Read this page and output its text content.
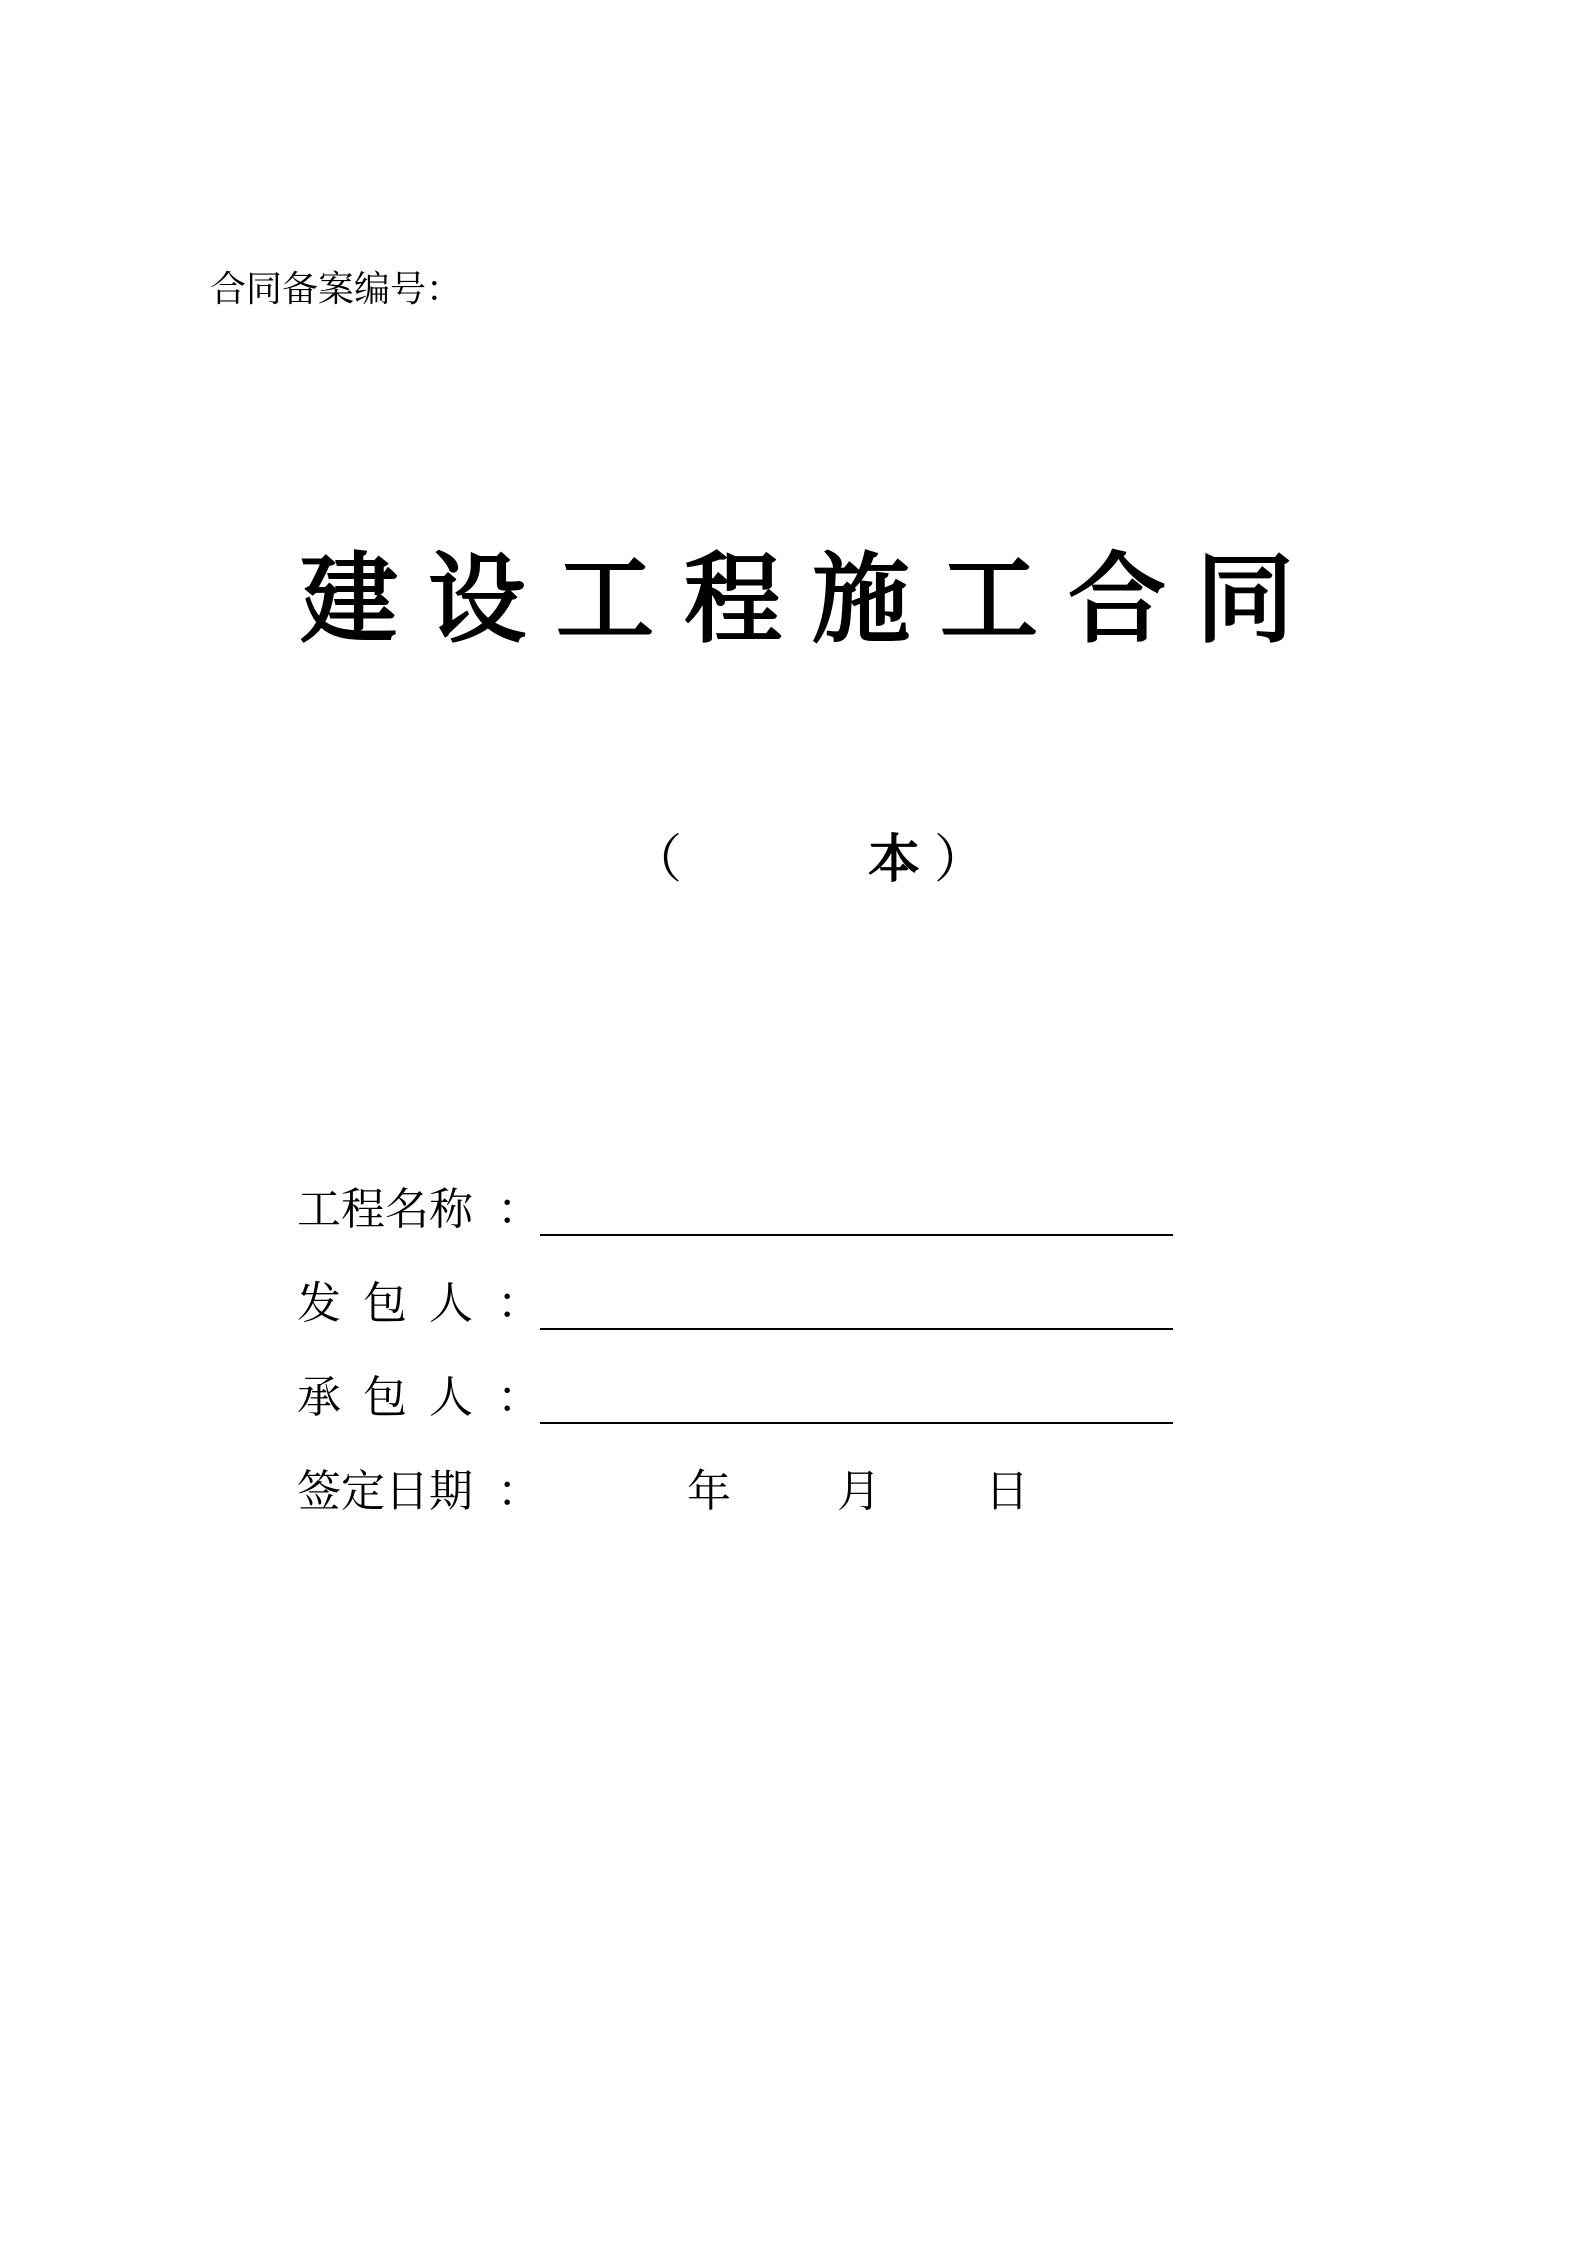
合同备案编号：
建设工程施工合同
（	本 ）
工程名称 ：
发包人 ：
承包人 ：
签定日期 ：	年 月 日
